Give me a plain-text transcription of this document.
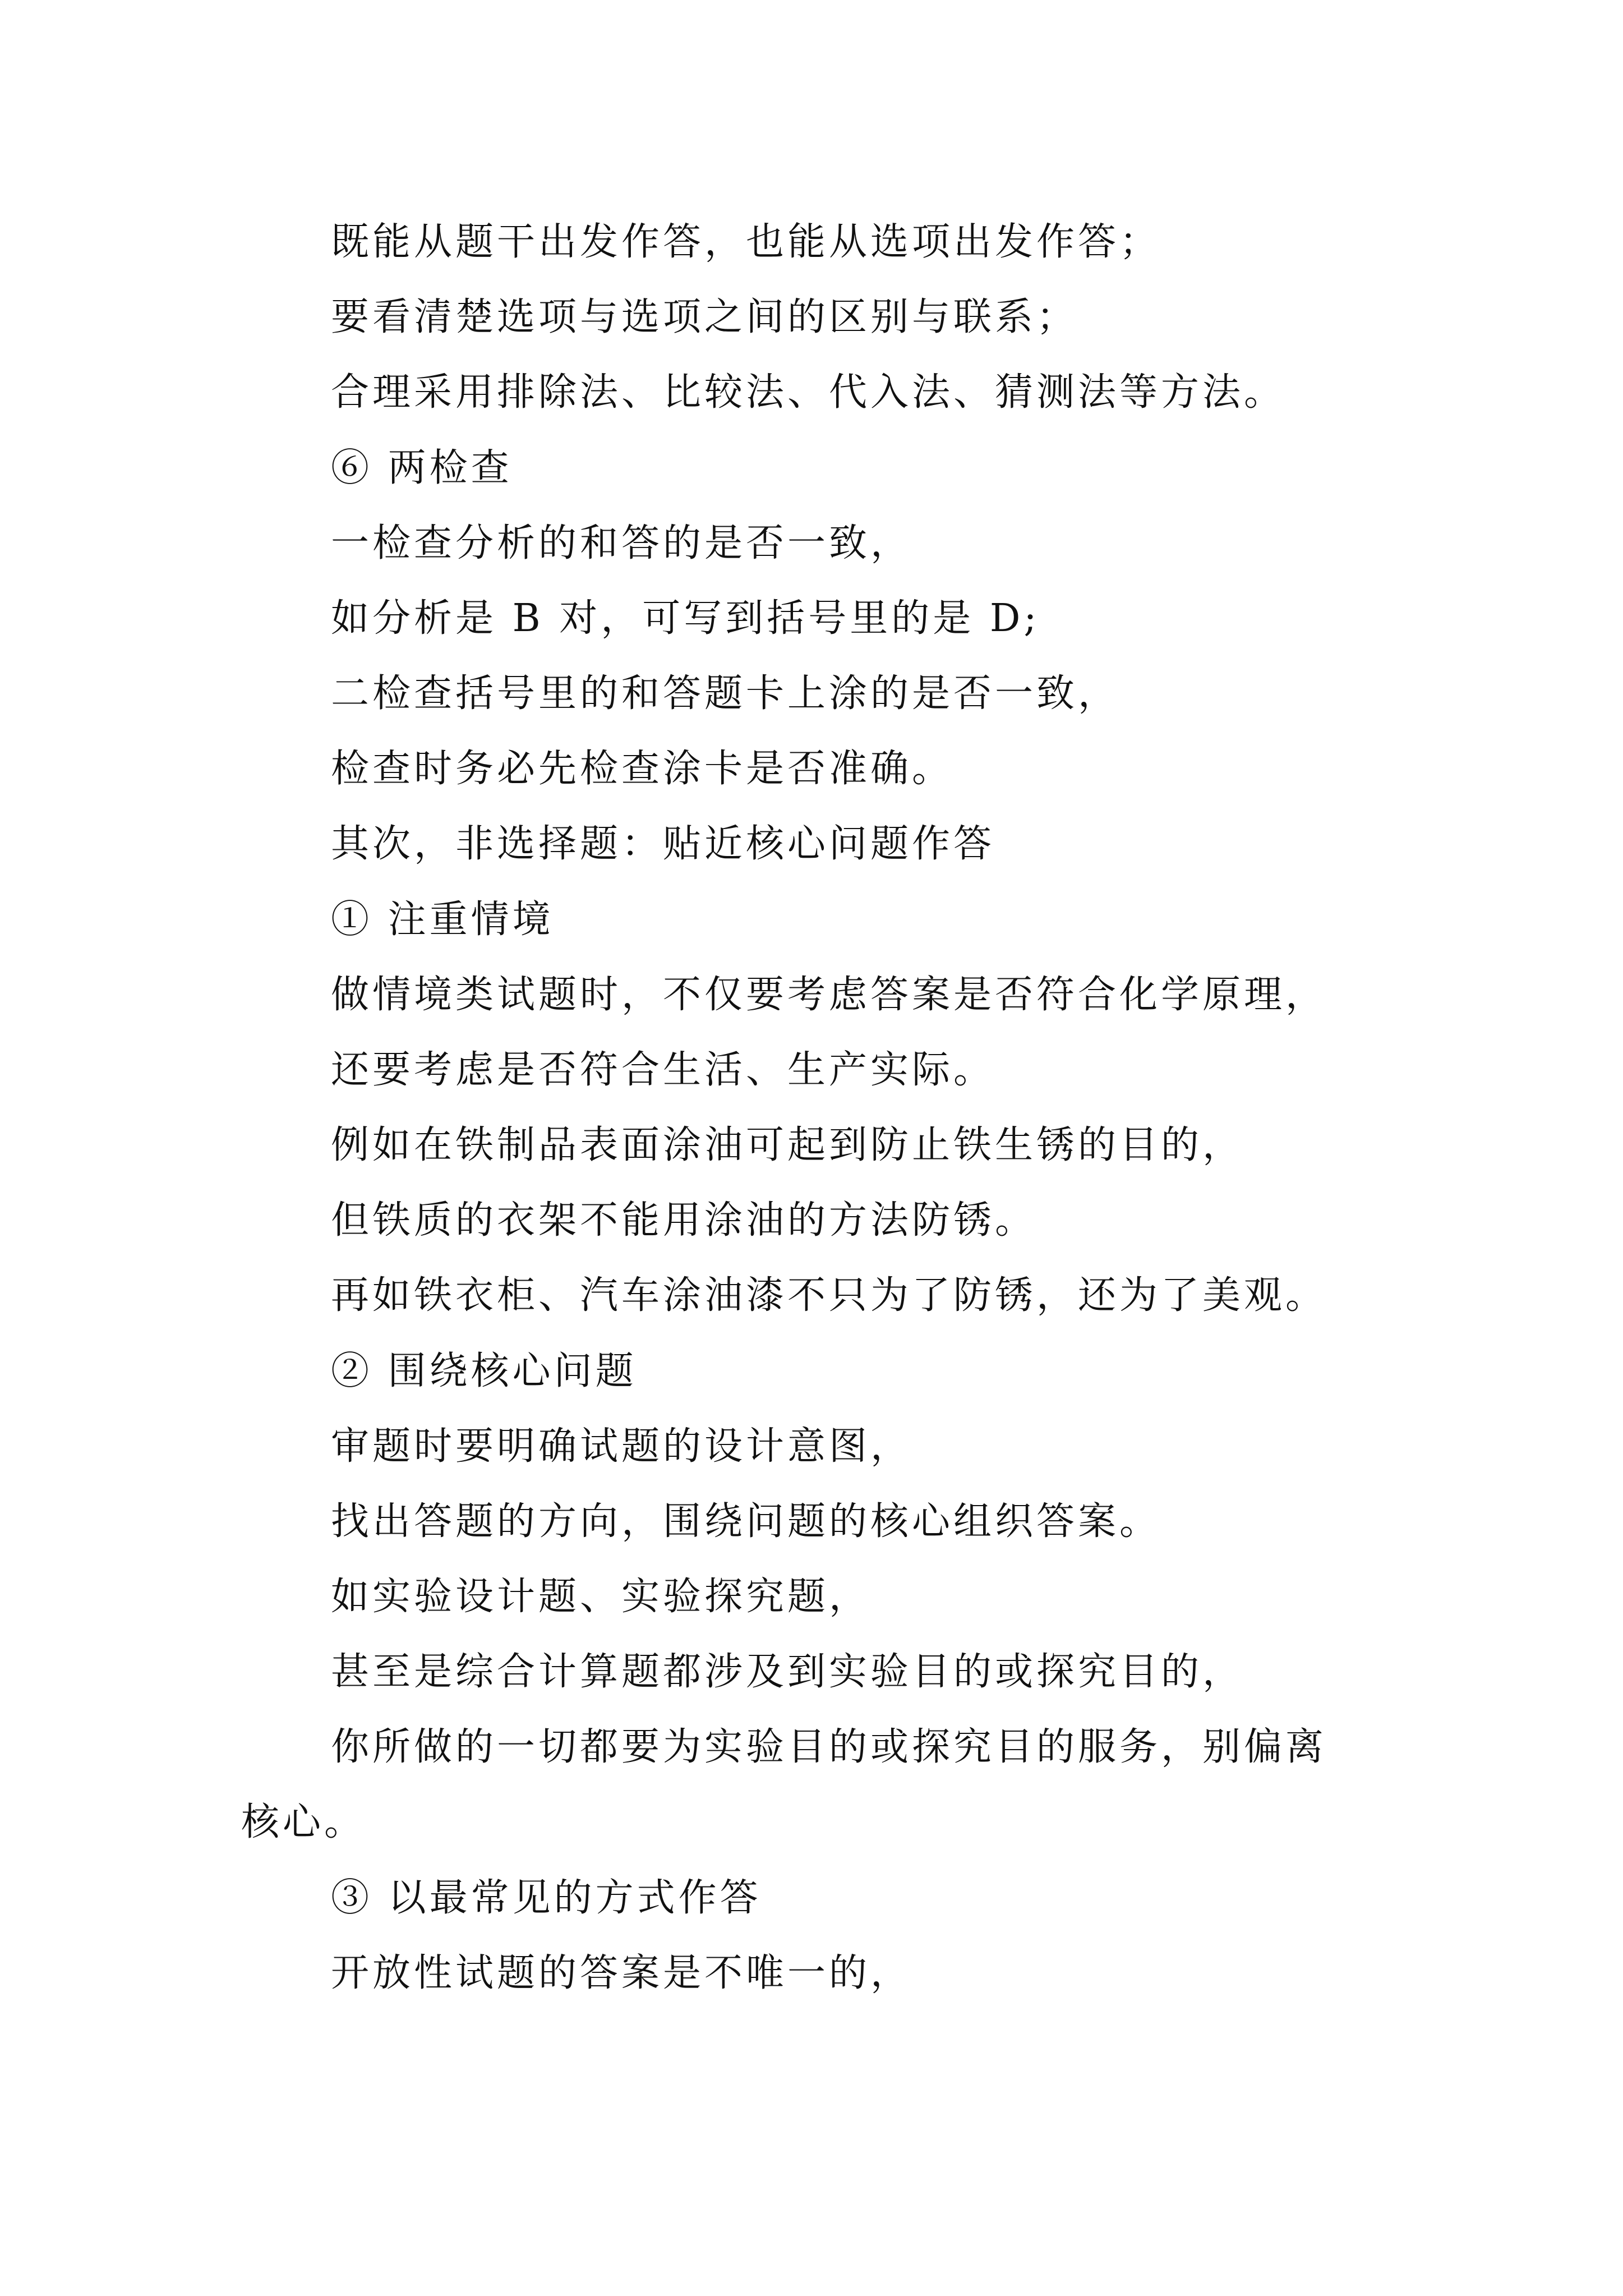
既能从题干出发作答，也能从选项出发作答；
要看清楚选项与选项之间的区别与联系；
合理采用排除法、比较法、代入法、猜测法等方法。
⑥ 两检查
一检查分析的和答的是否一致，
如分析是 B 对，可写到括号里的是 D;
二检查括号里的和答题卡上涂的是否一致，
检查时务必先检查涂卡是否准确。
其次，非选择题：贴近核心问题作答
① 注重情境
做情境类试题时，不仅要考虑答案是否符合化学原理，
还要考虑是否符合生活、生产实际。
例如在铁制品表面涂油可起到防止铁生锈的目的，
但铁质的衣架不能用涂油的方法防锈。
再如铁衣柜、汽车涂油漆不只为了防锈，还为了美观。
② 围绕核心问题
审题时要明确试题的设计意图，
找出答题的方向，围绕问题的核心组织答案。
如实验设计题、实验探究题，
甚至是综合计算题都涉及到实验目的或探究目的，
你所做的一切都要为实验目的或探究目的服务，别偏离
核心。
③ 以最常见的方式作答
开放性试题的答案是不唯一的，
